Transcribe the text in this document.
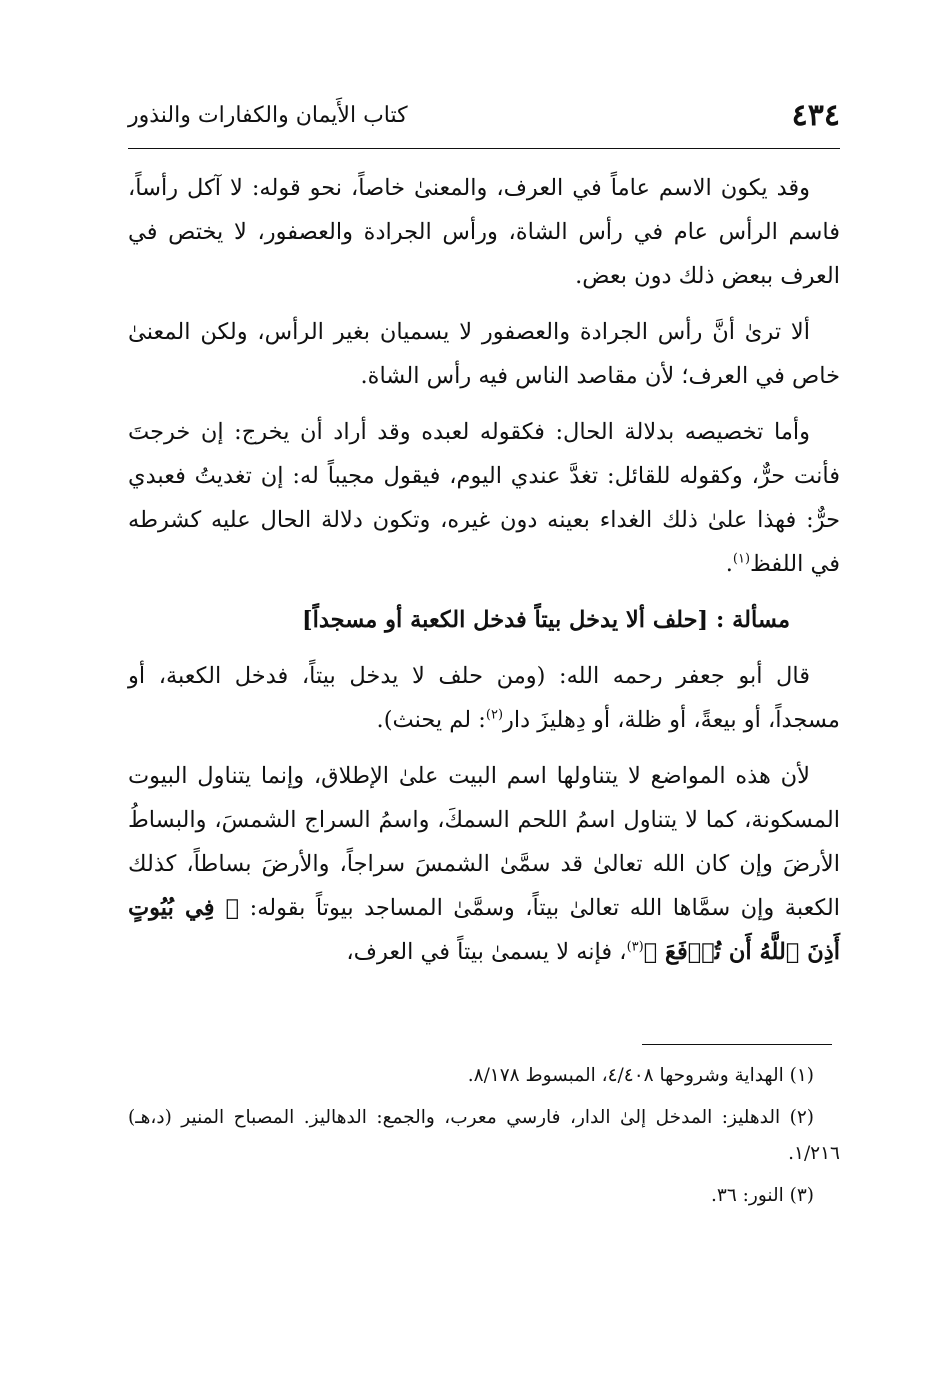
٤٣٤
كتاب الأَيمان والكفارات والنذور

وقد يكون الاسم عاماً في العرف، والمعنىٰ خاصاً، نحو قوله: لا آكل رأساً، فاسم الرأس عام في رأس الشاة، ورأس الجرادة والعصفور، لا يختص في العرف ببعض ذلك دون بعض.

ألا ترىٰ أنَّ رأس الجرادة والعصفور لا يسميان بغير الرأس، ولكن المعنىٰ خاص في العرف؛ لأن مقاصد الناس فيه رأس الشاة.

وأما تخصيصه بدلالة الحال: فكقوله لعبده وقد أراد أن يخرج: إن خرجتَ فأنت حرٌّ، وكقوله للقائل: تغدَّ عندي اليوم، فيقول مجيباً له: إن تغديتُ فعبدي حرٌّ: فهذا علىٰ ذلك الغداء بعينه دون غيره، وتكون دلالة الحال عليه كشرطه في اللفظ$^{(١)}$.

مسألة : [حلف ألا يدخل بيتاً فدخل الكعبة أو مسجداً]

قال أبو جعفر رحمه الله: (ومن حلف لا يدخل بيتاً، فدخل الكعبة، أو مسجداً، أو بيعةً، أو ظلة، أو دِهليزَ دار$^{(٢)}$: لم يحنث).

لأن هذه المواضع لا يتناولها اسم البيت علىٰ الإطلاق، وإنما يتناول البيوت المسكونة، كما لا يتناول اسمُ اللحم السمكَ، واسمُ السراج الشمسَ، والبساطُ الأرضَ وإن كان الله تعالىٰ قد سمَّىٰ الشمسَ سراجاً، والأرضَ بساطاً، كذلك الكعبة وإن سمَّاها الله تعالىٰ بيتاً، وسمَّىٰ المساجد بيوتاً بقوله: ﴿ فِي بُيُوتٍ أَذِنَ ٱللَّهُ أَن تُرۡفَعَ ﴾$^{(٣)}$، فإنه لا يسمىٰ بيتاً في العرف،

(١) الهداية وشروحها ٤/٤٠٨، المبسوط ٨/١٧٨.

(٢) الدهليز: المدخل إلىٰ الدار، فارسي معرب، والجمع: الدهاليز. المصباح المنير (د،هـ) ١/٢١٦.

(٣) النور: ٣٦.
